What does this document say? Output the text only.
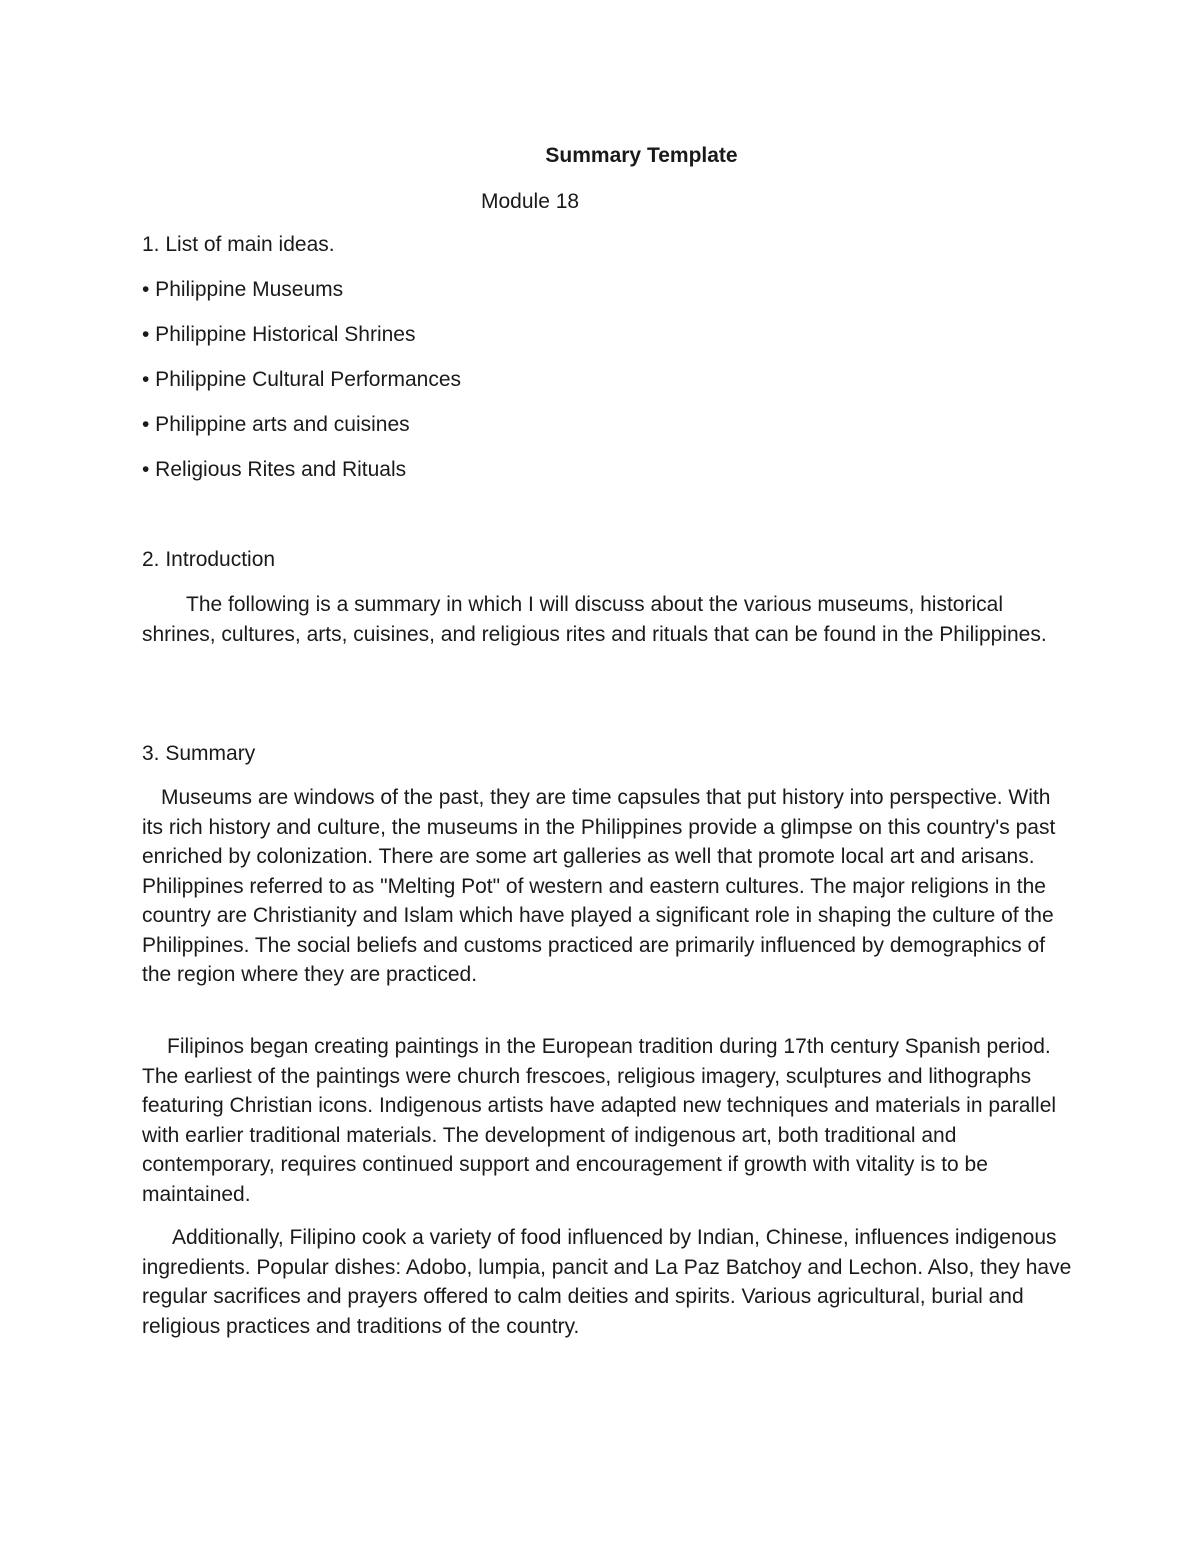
Summary Template
Module 18
1. List of main ideas.
• Philippine Museums
• Philippine Historical Shrines
• Philippine Cultural Performances
• Philippine arts and cuisines
• Religious Rites and Rituals
2. Introduction
The following is a summary in which I will discuss about the various museums, historical shrines, cultures, arts, cuisines, and religious rites and rituals that can be found in the Philippines.
3. Summary
Museums are windows of the past, they are time capsules that put history into perspective. With its rich history and culture, the museums in the Philippines provide a glimpse on this country's past enriched by colonization. There are some art galleries as well that promote local art and arisans. Philippines referred to as "Melting Pot" of western and eastern cultures. The major religions in the country are Christianity and Islam which have played a significant role in shaping the culture of the Philippines. The social beliefs and customs practiced are primarily influenced by demographics of the region where they are practiced.
Filipinos began creating paintings in the European tradition during 17th century Spanish period. The earliest of the paintings were church frescoes, religious imagery, sculptures and lithographs featuring Christian icons. Indigenous artists have adapted new techniques and materials in parallel with earlier traditional materials. The development of indigenous art, both traditional and contemporary, requires continued support and encouragement if growth with vitality is to be maintained.
Additionally, Filipino cook a variety of food influenced by Indian, Chinese, influences indigenous ingredients. Popular dishes: Adobo, lumpia, pancit and La Paz Batchoy and Lechon. Also, they have regular sacrifices and prayers offered to calm deities and spirits. Various agricultural, burial and religious practices and traditions of the country.
